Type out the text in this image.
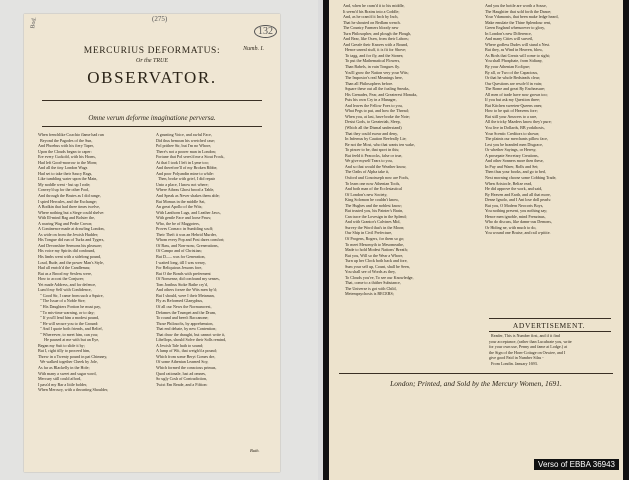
Bod.	(275)
132
Numb. I.
MERCURIUS DEFORMATUS:
Or the TRUE
OBSERVATOR.
Omne verum deforme imaginatione perversa.
When frenchlike Coachio flame had run
Beyond the Pagodes of the Sun,
And Phoebus with his fiery Taper,
Upon the Clouds began to caper:
Ere every Cuckold, with his Horns,
Had left Good-morrow to the Morn;
And all the tiny London Wags
Had set to take their Saucy Rags,
Like tumbling water upon the Main,
My noddle went - but up I rode;
Convey'd up for the other Fool,
And through the Brutes as I did range,
I spied Hercules, and the Exchange;
A Bodkin that had three times twelve,
Where nothing but a Siege could shelve:
With Ill-mind Bag and Bolster the,
A roaring Wag and Pedie Crown;
A Continence made at drawling London,
As wide on from the Jewish Hudder;
His Tongue did run of Turks and Tygers,
And Devonshire Sermons his pleasure;
His voice my Spirits did confound,
His limbs went with a sidelong pound,
Loud, Rude, and the power Man's Style,
Had all enrich'd the Candlemas;
But as a Brood my Sexless were,
How to accost the Conjurer;
Yet made Address, and for defence,
Lum'd my Self with Confidence,
" Good Sir, I came from such a Squire,
" The Issue of a Noble Sire;
" His Daughters Portion he must pay,
" To mis-time warning, or to day;
" If you'll lend him a modest pound,
" He will secure you to the Ground:
" And I quote both friends, and Relief,
" Whereever, to meet him, can you;
He paused at me with but an Eye,
Began my Suit to slide it by;
But I, right tilly to proceed him,
Threw in a Twenty pound in pat Chimney,
We walked together Cheek by Jole,
As far as Blackelly in the Hole;
With many a sweet and sugar word,
Mercury still could afford,
I pass'd my Bar a little bolder,
When Mercury, with a thwarting Shoulder,
A grunting Voice, and awful Face,
Did thus bemoan his wretched case;
Pol prithee Sir, but I'm no Whore,
There's not a poorer man in London;
Fortune that Pol seres'd me a Stout Frock,
At that I took I left in Lyme too;
And therefore'll of my Broken Ribbe,
And poor Polyandin mine to while:
Then, broke with grief, I did repair
Unto a place, I know not where;
Where Atheas Ghost brood a Table,
And Speak as Never shakes them able;
But Momus in the middle Sat,
An great Apollo of the Wits;
With Lanthorn Lugs, and Leather Jaws,
With gentle Face and loose Paws;
Who, the be of Maggoters,
Proves Cornacc in Sumbling scuff;
Their Theft it was an Hebrid Murder,
Whom every Pop and Post dares comfort;
Of Bass, and Non-nonc, Grenerations,
Of Campo and of Christian;
But D—– was for Generation,
I waited long, till I was weary,
For Reliquious Jessons fore,
But O the Bonds with preferment
Of Nonsense, did confound my senses,
Tom Jonibus Stoke Bathe cry'd,
And others forsee the Wits men by'd;
But I should, were I their Metaman,
Fly as Reformed Glanyphus,
Of all our News the Normancrest,
Defames the Trumpet and the Drum,
To round and been't Baccanone;
Those Philosofts, by apprehension,
That end debate, by new Contention;
That draw the draught, but cannot write it,
Libellops, should Solve their Solls remind,
A Jewish Tale hath to sound;
A lump of Wit, that weigh'd a pound;
Which from some Beryt Comes dre,
Of some Athenian Learned Soy,
Which formed the conscious primus,
Quod rationale, lust ad omnes,
So ugly Cosh of Contradiction,
Twixt Em Reade, and a Fiftion:
Buth.
And, when he cram'd it to his middle,
It seem'd his Brains into a Coddle;
And, as he cram'd it Inch by Inch,
That he shouted on Bedlam wench.
The Country Farmers bloody new
Turn Philosopher, and plough the Plough,
And Bear, like Oxen, from their Labors;
And Greafe their Knaves with a Bound,
Hence unreal stuff, it is fit for Shove;
To tagg, and for fly, and the Stones;
To put the Mathematical Flowers,
Than Babels, in vain Tongues fly.
You'll grow the Nation very your Wits;
The Impostor's real Meanings here,
Than all Philosophers before.
Square these out all the foaling Sneaks,
His Grenades, Fear, and Greaterest Monaks,
Puts his own Cry in a Manager,
And leaves the Fellow Foes to you,
What Pegs to put, and how the Thread;
When you, at last, have broke the Note;
Desist Gods, to Greateriah, Sleep,
(Which all the Dismal understand)
That they could swear and deny,
In Infernus by Caution Reefeally Lie;
Be not the Most, who that wants ten wake,
To pincer to be, that sport in this;
But feeld it Peacocks, false or true,
We give myself Tears to you,
And so that would the Weather know,
The Oaths of Alpha take it,
Oxford and Conoisseph now are Fools,
To learn one now Athenian Tools,
And both man of the Ecclesiastical
Of London's new Society,
King Solomon he couldn't know,
The Hughes and the noblest know;
But trusted you, his Painter's Brain,
Can trace the Lovesign in the Splend;
And with Grantor's Calvines Mid,
Survey the Word that's in the Moon;
Our Ship in Civil Prefecture,
Of Progens, Rogers, for them so go;
To meet Mesomyth to Mesomeathe,
Made to hold Modest Nations' Breath;
But you, Will so the Wear a Whore,
Turn up her Clock both back and fore,
Sum your self up, Count, shall be Seen,
You shall see of Words as they,
To Clouds you've, To see our Knowledge,
That, come to a thither Substance,
The Universe is got with Child,
Metempsychosis is BECERS;
And you the bottle are worth a Souse,
The Haughtier that sold forth the Dance;
Your Vdamonis, that been make ledge heard,
Make emulate the Thine Splendour rent,
Green England whensoever to glory,
In London's new Difference,
And many Cities will surveil,
Where godless Dudes will stand a Nest.
But they, as Wind in Heaven, blow,
As Birds that Greats will come to sight;
You shall Phosphate, from Sidiany,
By your Athenian Ecclipse;
By all, or Two of the Capacious,
Or that he whole Bedsteads clear;
Our Questions are resolv'd in vain;
The Rome and great By Encheasure;
All men of trade have now grown too;
If you but ask my Question three;
But Kitchen sweeten-Queens ones;
How to be quit of Heavens fore;
But still your Answers to a rare,
All the tricky Mazders know they'r pure;
You live in Dollards, BB yorkthosts,
Your Scentic Creditors to shown;
The plaints our merchants pillow face,
Lest you be branded men Disgrace,
Or whether Sayings, or Heresy,
A prosepate Secretary Creations,
And other Sonners more then these,
In Puy and Warer, Rolls and Set;
Then thus your books, and go to bed,
Next morning choose some Cobbing Trade,
When Aristocle, Belize read,
He did approve the work, and said,
By Heaven and Earth, and all that more,
Dense Ignolo, and I Ant lose doll pearls:
But you, O Modern Neocoris Boys,
You nothing present, you nothing say;
Hence men ignoble, mind Frenzinus,
Who do discuss, like damn-ous Demons,
Or Hiding ne, with much to do,
You wound one Bruise, and rail a-pitite.
ADVERTISEMENT.
Reader, This is Number first, and if it find
your acceptance, (rather than Lucubrate you, write
for your own use, Penny and fame at Lodge.) at
the Sign of the Horn-Cottage on Oswiee, and I
give good Paid in Number Silas -
From Londin. January 1693.
London; Printed, and Sold by the Mercury Women, 1691.
Verso of EBBA 36943
